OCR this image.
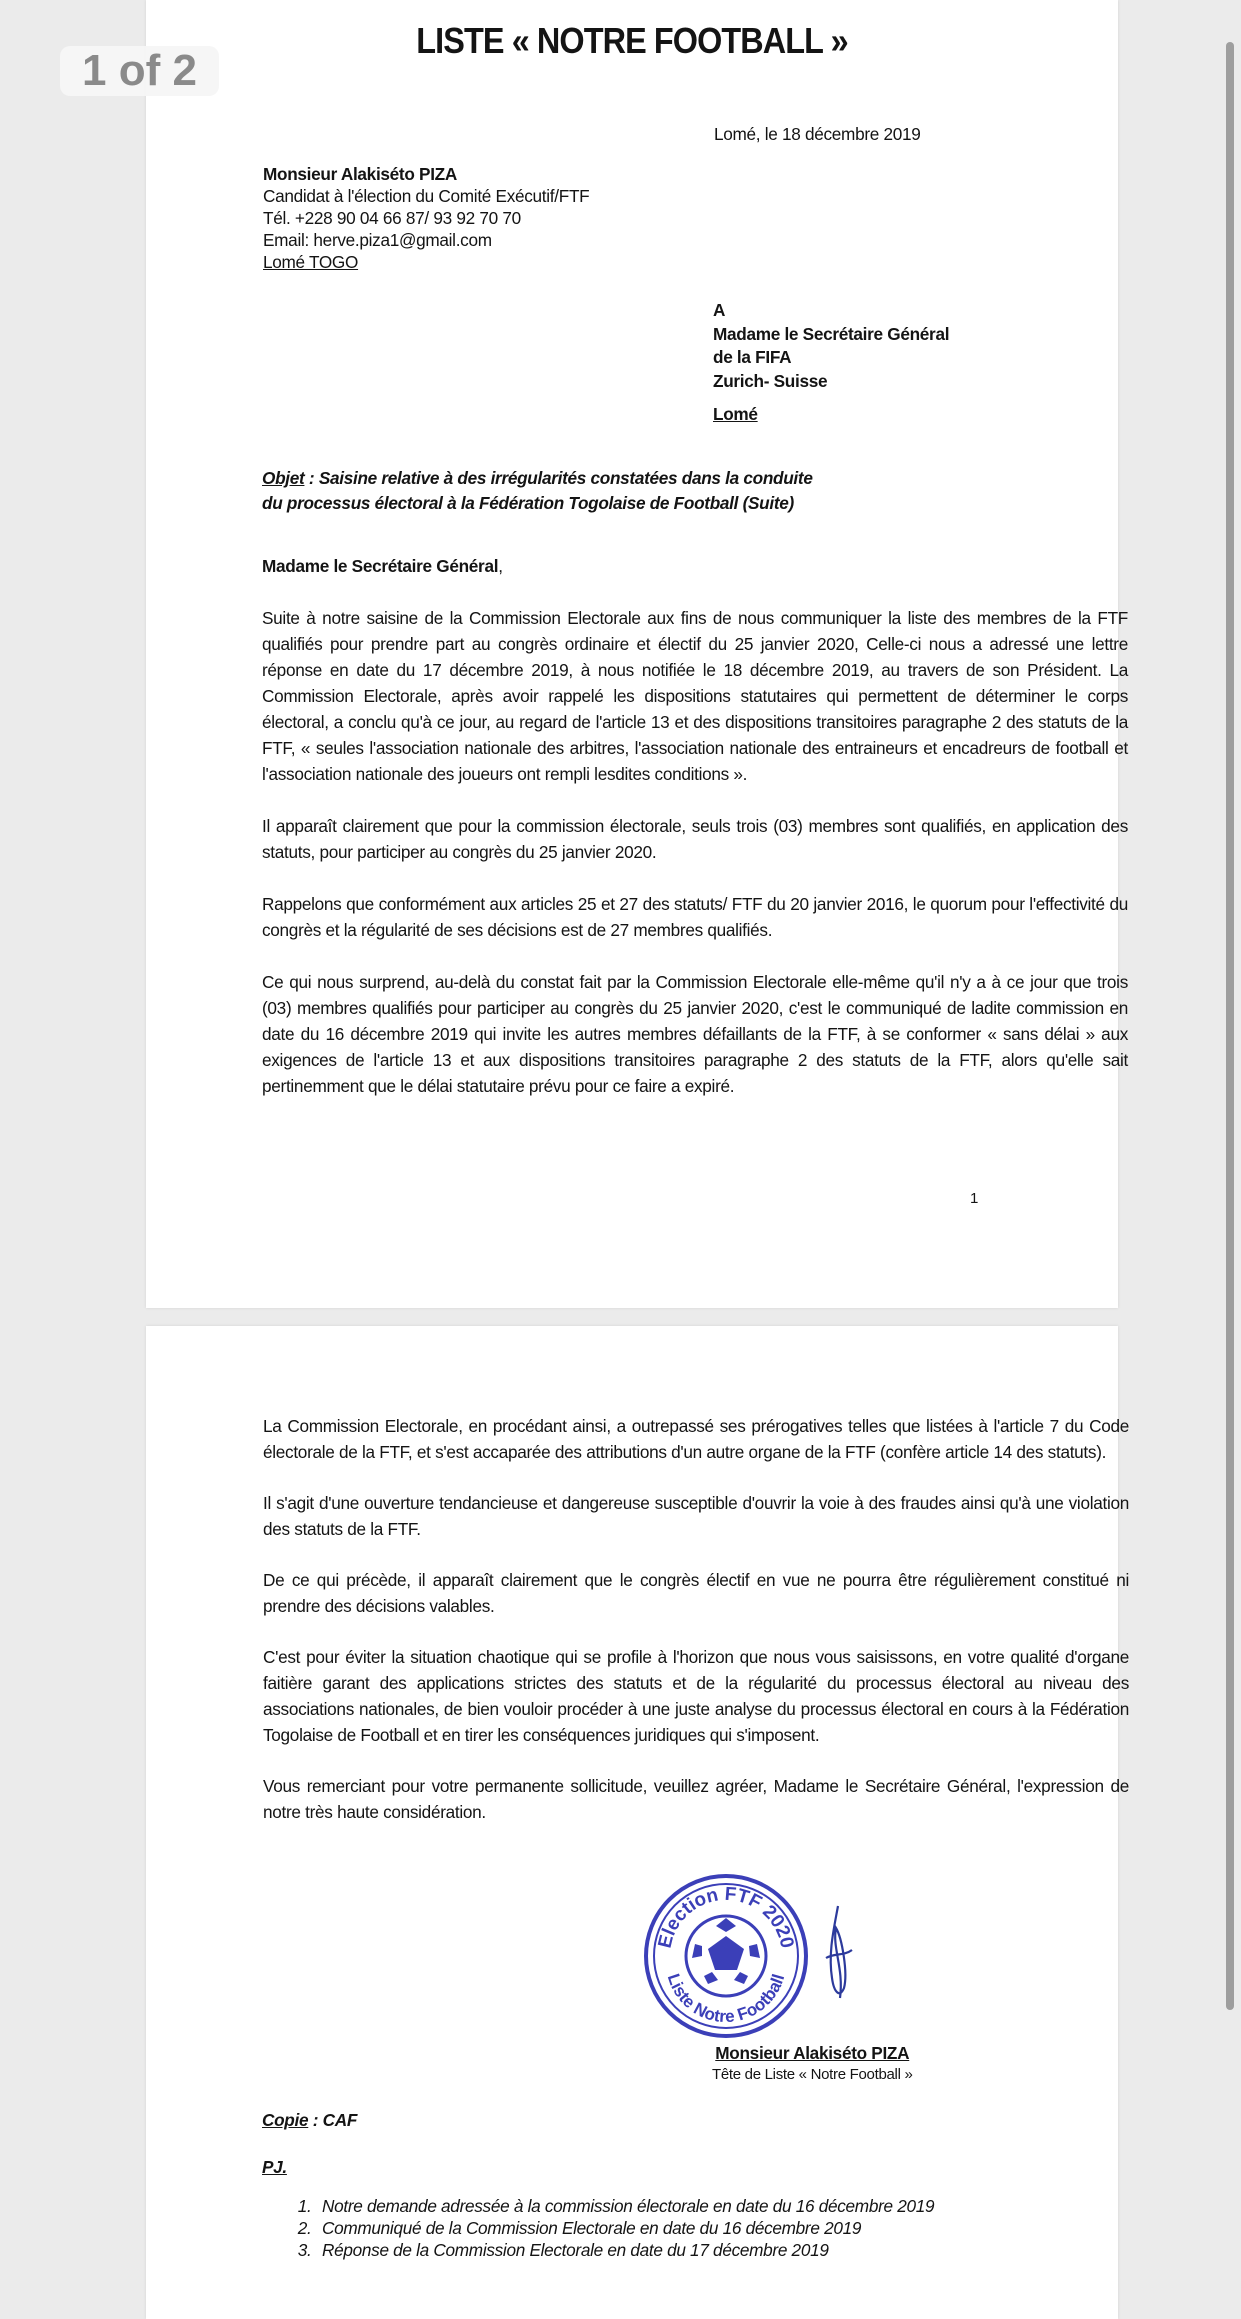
LISTE « NOTRE FOOTBALL »
Lomé, le 18 décembre 2019
Monsieur Alakiséto PIZA
Candidat à l'élection du Comité Exécutif/FTF
Tél. +228 90 04 66 87/ 93 92 70 70
Email: herve.piza1@gmail.com
Lomé TOGO
A
Madame le Secrétaire Général
de la FIFA
Zurich- Suisse
Lomé
Objet : Saisine relative à des irrégularités constatées dans la conduite
du processus électoral à la Fédération Togolaise de Football (Suite)
Madame le Secrétaire Général,

Suite à notre saisine de la Commission Electorale aux fins de nous communiquer la liste des membres de la FTF qualifiés pour prendre part au congrès ordinaire et électif du 25 janvier 2020, Celle-ci nous a adressé une lettre réponse en date du 17 décembre 2019, à nous notifiée le 18 décembre 2019, au travers de son Président. La Commission Electorale, après avoir rappelé les dispositions statutaires qui permettent de déterminer le corps électoral, a conclu qu'à ce jour, au regard de l'article 13 et des dispositions transitoires paragraphe 2 des statuts de la FTF, « seules l'association nationale des arbitres, l'association nationale des entraineurs et encadreurs de football et l'association nationale des joueurs ont rempli lesdites conditions ».

Il apparaît clairement que pour la commission électorale, seuls trois (03) membres sont qualifiés, en application des statuts, pour participer au congrès du 25 janvier 2020.

Rappelons que conformément aux articles 25 et 27 des statuts/ FTF du 20 janvier 2016, le quorum pour l'effectivité du congrès et la régularité de ses décisions est de 27 membres qualifiés.

Ce qui nous surprend, au-delà du constat fait par la Commission Electorale elle-même qu'il n'y a à ce jour que trois (03) membres qualifiés pour participer au congrès du 25 janvier 2020, c'est le communiqué de ladite commission en date du 16 décembre 2019 qui invite les autres membres défaillants de la FTF, à se conformer « sans délai » aux exigences de l'article 13 et aux dispositions transitoires paragraphe 2 des statuts de la FTF, alors qu'elle sait pertinemment que le délai statutaire prévu pour ce faire a expiré.

1

La Commission Electorale, en procédant ainsi, a outrepassé ses prérogatives telles que listées à l'article 7 du Code électorale de la FTF, et s'est accaparée des attributions d'un autre organe de la FTF (confère article 14 des statuts).

Il s'agit d'une ouverture tendancieuse et dangereuse susceptible d'ouvrir la voie à des fraudes ainsi qu'à une violation des statuts de la FTF.

De ce qui précède, il apparaît clairement que le congrès électif en vue ne pourra être régulièrement constitué ni prendre des décisions valables.

C'est pour éviter la situation chaotique qui se profile à l'horizon que nous vous saisissons, en votre qualité d'organe faitière garant des applications strictes des statuts et de la régularité du processus électoral au niveau des associations nationales, de bien vouloir procéder à une juste analyse du processus électoral en cours à la Fédération Togolaise de Football et en tirer les conséquences juridiques qui s'imposent.

Vous remerciant pour votre permanente sollicitude, veuillez agréer, Madame le Secrétaire Général, l'expression de notre très haute considération.

Election FTF 2020
Liste Notre Football
Monsieur Alakiséto PIZA
Tête de Liste « Notre Football »
Copie : CAF
PJ.
1. Notre demande adressée à la commission électorale en date du 16 décembre 2019
2. Communiqué de la Commission Electorale en date du 16 décembre 2019
3. Réponse de la Commission Electorale en date du 17 décembre 2019
1 of 2
